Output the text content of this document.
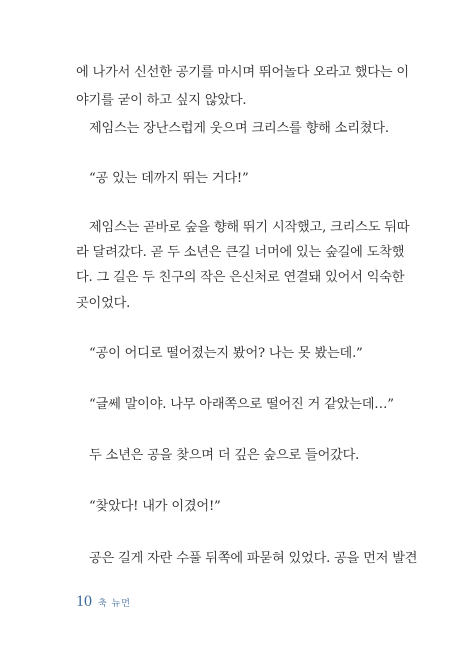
에 나가서 신선한 공기를 마시며 뛰어놀다 오라고 했다는 이
야기를 굳이 하고 싶지 않았다.
제임스는 장난스럽게 웃으며 크리스를 향해 소리쳤다.
“공 있는 데까지 뛰는 거다!”
제임스는 곧바로 숲을 향해 뛰기 시작했고, 크리스도 뒤따
라 달려갔다. 곧 두 소년은 큰길 너머에 있는 숲길에 도착했
다. 그 길은 두 친구의 작은 은신처로 연결돼 있어서 익숙한
곳이었다.
“공이 어디로 떨어졌는지 봤어? 나는 못 봤는데.”
“글쎄 말이야. 나무 아래쪽으로 떨어진 거 같았는데…”
두 소년은 공을 찾으며 더 깊은 숲으로 들어갔다.
“찾았다! 내가 이겼어!”
공은 길게 자란 수풀 뒤쪽에 파묻혀 있었다. 공을 먼저 발견
10 축 뉴먼
